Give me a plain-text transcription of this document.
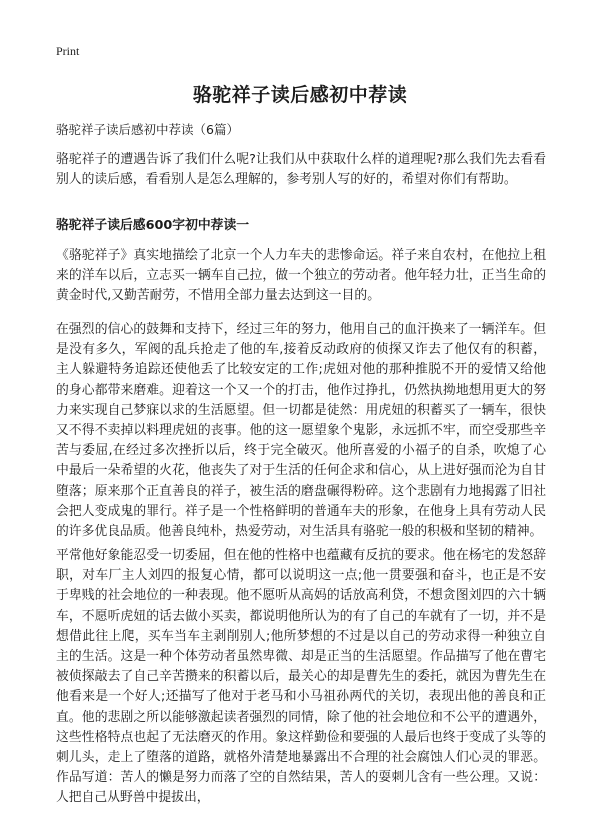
Print
骆驼祥子读后感初中荐读

骆驼祥子读后感初中荐读（6篇）

骆驼祥子的遭遇告诉了我们什么呢?让我们从中获取什么样的道理呢?那么我们先去看看别人的读后感，看看别人是怎么理解的，参考别人写的好的，希望对你们有帮助。

骆驼祥子读后感600字初中荐读一

《骆驼祥子》真实地描绘了北京一个人力车夫的悲惨命运。祥子来自农村，在他拉上租来的洋车以后，立志买一辆车自己拉，做一个独立的劳动者。他年轻力壮，正当生命的黄金时代,又勤苦耐劳，不惜用全部力量去达到这一目的。

在强烈的信心的鼓舞和支持下，经过三年的努力，他用自己的血汗换来了一辆洋车。但是没有多久，军阀的乱兵抢走了他的车,接着反动政府的侦探又诈去了他仅有的积蓄，主人躲避特务追踪还使他丢了比较安定的工作;虎妞对他的那种推脱不开的爱情又给他的身心都带来磨难。迎着这一个又一个的打击，他作过挣扎，仍然执拗地想用更大的努力来实现自己梦寐以求的生活愿望。但一切都是徒然：用虎妞的积蓄买了一辆车，很快又不得不卖掉以料理虎妞的丧事。他的这一愿望象个鬼影，永远抓不牢，而空受那些辛苦与委屈,在经过多次挫折以后，终于完全破灭。他所喜爱的小福子的自杀，吹熄了心中最后一朵希望的火花，他丧失了对于生活的任何企求和信心，从上进好强而沦为自甘堕落；原来那个正直善良的祥子，被生活的磨盘碾得粉碎。这个悲剧有力地揭露了旧社会把人变成鬼的罪行。祥子是一个性格鲜明的普通车夫的形象，在他身上具有劳动人民的许多优良品质。他善良纯朴，热爱劳动，对生活具有骆驼一般的积极和坚韧的精神。

平常他好象能忍受一切委屈，但在他的性格中也蕴藏有反抗的要求。他在杨宅的发怒辞职，对车厂主人刘四的报复心情，都可以说明这一点;他一贯要强和奋斗，也正是不安于卑贱的社会地位的一种表现。他不愿听从高妈的话放高利贷，不想贪图刘四的六十辆车，不愿听虎妞的话去做小买卖，都说明他所认为的有了自己的车就有了一切，并不是想借此往上爬，买车当车主剥削别人;他所梦想的不过是以自己的劳动求得一种独立自主的生活。这是一种个体劳动者虽然卑微、却是正当的生活愿望。作品描写了他在曹宅被侦探敲去了自己辛苦攒来的积蓄以后，最关心的却是曹先生的委托，就因为曹先生在他看来是一个好人;还描写了他对于老马和小马祖孙两代的关切，表现出他的善良和正直。他的悲剧之所以能够激起读者强烈的同情，除了他的社会地位和不公平的遭遇外，这些性格特点也起了无法磨灭的作用。象这样勤俭和要强的人最后也终于变成了头等的刺儿头，走上了堕落的道路，就格外清楚地暴露出不合理的社会腐蚀人们心灵的罪恶。作品写道：苦人的懒是努力而落了空的自然结果，苦人的耍刺儿含有一些公理。又说：人把自己从野兽中提拔出，
